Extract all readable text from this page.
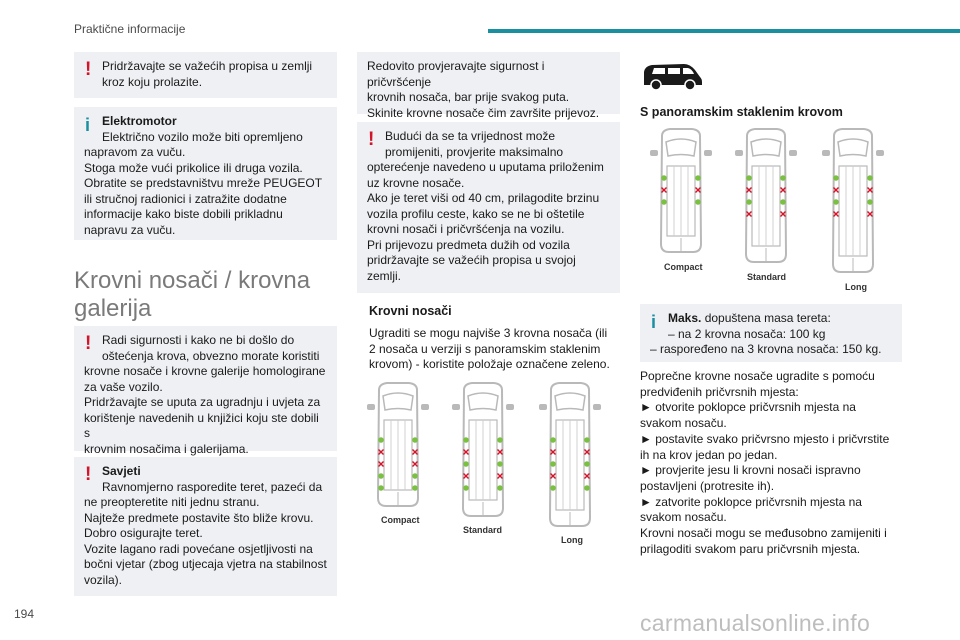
Praktične informacije
! Pridržavajte se važećih propisa u zemlji
kroz koju prolazite.
i Elektromotor
Električno vozilo može biti opremljeno
napravom za vuču.
Stoga može vući prikolice ili druga vozila.
Obratite se predstavništvu mreže PEUGEOT
ili stručnoj radionici i zatražite dodatne
informacije kako biste dobili prikladnu
napravu za vuču.
Krovni nosači / krovna
galerija
! Radi sigurnosti i kako ne bi došlo do
oštećenja krova, obvezno morate koristiti
krovne nosače i krovne galerije homologirane
za vaše vozilo.
Pridržavajte se uputa za ugradnju i uvjeta za
korištenje navedenih u knjižici koju ste dobili s
krovnim nosačima i galerijama.
! Savjeti
Ravnomjerno rasporedite teret, pazeći da
ne preopteretite niti jednu stranu.
Najteže predmete postavite što bliže krovu.
Dobro osigurajte teret.
Vozite lagano radi povećane osjetljivosti na
bočni vjetar (zbog utjecaja vjetra na stabilnost
vozila).
Redovito provjeravajte sigurnost i pričvršćenje
krovnih nosača, bar prije svakog puta.
Skinite krovne nosače čim završite prijevoz.
! Budući da se ta vrijednost može
promijeniti, provjerite maksimalno
opterećenje navedeno u uputama priloženim
uz krovne nosače.
Ako je teret viši od 40 cm, prilagodite brzinu
vozila profilu ceste, kako se ne bi oštetile
krovni nosači i pričvršćenja na vozilu.
Pri prijevozu predmeta dužih od vozila
pridržavajte se važećih propisa u svojoj
zemlji.
Krovni nosači
Ugraditi se mogu najviše 3 krovna nosača (ili
2 nosača u verziji s panoramskim staklenim
krovom) - koristite položaje označene zeleno.
Compact
Standard
Long
S panoramskim staklenim krovom
Compact
Standard
Long
i Maks. dopuštena masa tereta:
– na 2 krovna nosača: 100 kg
– raspoređeno na 3 krovna nosača: 150 kg.
Poprečne krovne nosače ugradite s pomoću
predviđenih pričvrsnih mjesta:
► otvorite poklopce pričvrsnih mjesta na
svakom nosaču.
► postavite svako pričvrsno mjesto i pričvrstite
ih na krov jedan po jedan.
► provjerite jesu li krovni nosači ispravno
postavljeni (protresite ih).
► zatvorite poklopce pričvrsnih mjesta na
svakom nosaču.
Krovni nosači mogu se međusobno zamijeniti i
prilagoditi svakom paru pričvrsnih mjesta.
194	carmanualsonline.info
